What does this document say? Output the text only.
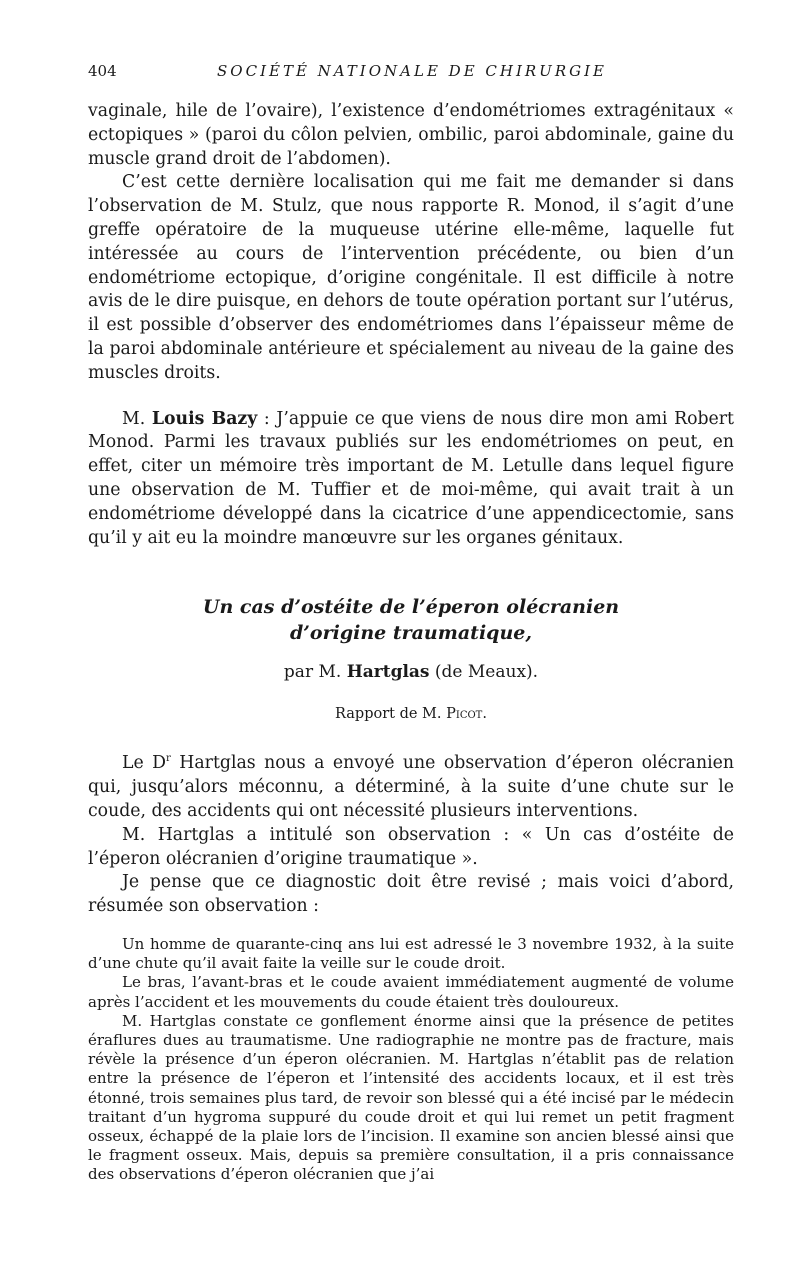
404	SOCIÉTÉ NATIONALE DE CHIRURGIE

vaginale, hile de l’ovaire), l’existence d’endométriomes extragénitaux « ectopiques » (paroi du côlon pelvien, ombilic, paroi abdominale, gaine du muscle grand droit de l’abdomen).

C’est cette dernière localisation qui me fait me demander si dans l’observation de M. Stulz, que nous rapporte R. Monod, il s’agit d’une greffe opératoire de la muqueuse utérine elle-même, laquelle fut intéressée au cours de l’intervention précédente, ou bien d’un endométriome ectopique, d’origine congénitale. Il est difficile à notre avis de le dire puisque, en dehors de toute opération portant sur l’utérus, il est possible d’observer des endométriomes dans l’épaisseur même de la paroi abdominale antérieure et spécialement au niveau de la gaine des muscles droits.

M. Louis Bazy : J’appuie ce que viens de nous dire mon ami Robert Monod. Parmi les travaux publiés sur les endométriomes on peut, en effet, citer un mémoire très important de M. Letulle dans lequel figure une observation de M. Tuffier et de moi-même, qui avait trait à un endométriome développé dans la cicatrice d’une appendicectomie, sans qu’il y ait eu la moindre manœuvre sur les organes génitaux.

Un cas d’ostéite de l’éperon olécranien
d’origine traumatique,
par M. Hartglas (de Meaux).
Rapport de M. Picot.

Le $D^r$ Hartglas nous a envoyé une observation d’éperon olécranien qui, jusqu’alors méconnu, a déterminé, à la suite d’une chute sur le coude, des accidents qui ont nécessité plusieurs interventions.

M. Hartglas a intitulé son observation : « Un cas d’ostéite de l’éperon olécranien d’origine traumatique ».

Je pense que ce diagnostic doit être revisé ; mais voici d’abord, résumée son observation :

Un homme de quarante-cinq ans lui est adressé le 3 novembre 1932, à la suite d’une chute qu’il avait faite la veille sur le coude droit.

Le bras, l’avant-bras et le coude avaient immédiatement augmenté de volume après l’accident et les mouvements du coude étaient très douloureux.

M. Hartglas constate ce gonflement énorme ainsi que la présence de petites éraflures dues au traumatisme. Une radiographie ne montre pas de fracture, mais révèle la présence d’un éperon olécranien. M. Hartglas n’établit pas de relation entre la présence de l’éperon et l’intensité des accidents locaux, et il est très étonné, trois semaines plus tard, de revoir son blessé qui a été incisé par le médecin traitant d’un hygroma suppuré du coude droit et qui lui remet un petit fragment osseux, échappé de la plaie lors de l’incision. Il examine son ancien blessé ainsi que le fragment osseux. Mais, depuis sa première consultation, il a pris connaissance des observations d’éperon olécranien que j’ai
